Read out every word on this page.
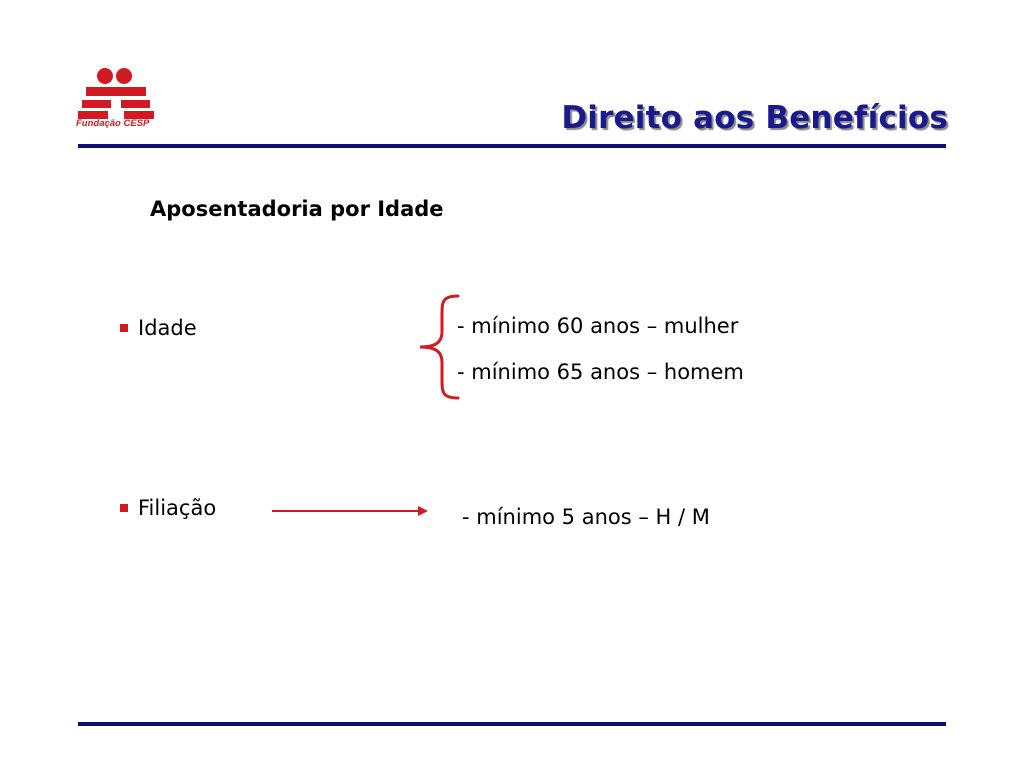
Fundação CESP	Direito aos Benefícios
Aposentadoria por Idade
Idade	- mínimo 60 anos – mulher
- mínimo 65 anos – homem
Filiação	- mínimo 5 anos – H / M
